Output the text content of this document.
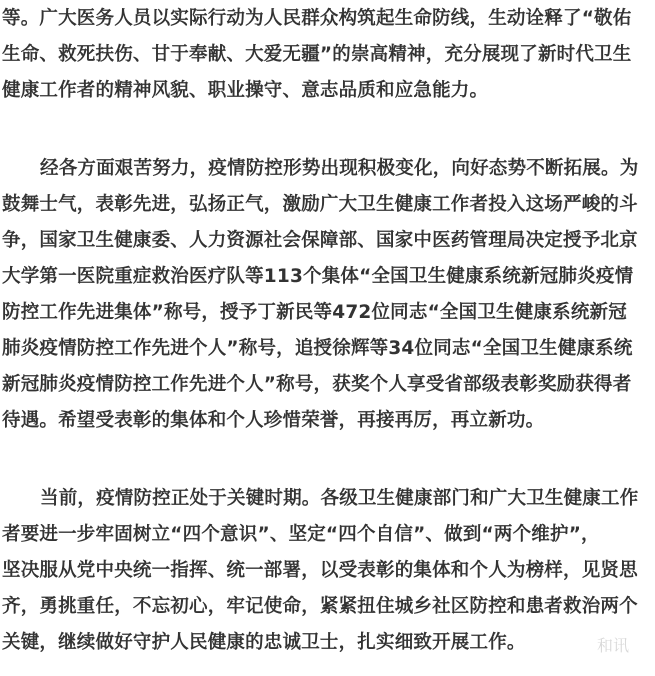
等。广大医务人员以实际行动为人民群众构筑起生命防线，生动诠释了“敬佑
生命、救死扶伤、甘于奉献、大爱无疆”的崇高精神，充分展现了新时代卫生
健康工作者的精神风貌、职业操守、意志品质和应急能力。
经各方面艰苦努力，疫情防控形势出现积极变化，向好态势不断拓展。为
鼓舞士气，表彰先进，弘扬正气，激励广大卫生健康工作者投入这场严峻的斗
争，国家卫生健康委、人力资源社会保障部、国家中医药管理局决定授予北京
大学第一医院重症救治医疗队等113个集体“全国卫生健康系统新冠肺炎疫情
防控工作先进集体”称号，授予丁新民等472位同志“全国卫生健康系统新冠
肺炎疫情防控工作先进个人”称号，追授徐辉等34位同志“全国卫生健康系统
新冠肺炎疫情防控工作先进个人”称号，获奖个人享受省部级表彰奖励获得者
待遇。希望受表彰的集体和个人珍惜荣誉，再接再厉，再立新功。
当前，疫情防控正处于关键时期。各级卫生健康部门和广大卫生健康工作
者要进一步牢固树立“四个意识”、坚定“四个自信”、做到“两个维护”，
坚决服从党中央统一指挥、统一部署，以受表彰的集体和个人为榜样，见贤思
齐，勇挑重任，不忘初心，牢记使命，紧紧扭住城乡社区防控和患者救治两个
关键，继续做好守护人民健康的忠诚卫士，扎实细致开展工作。	和讯
